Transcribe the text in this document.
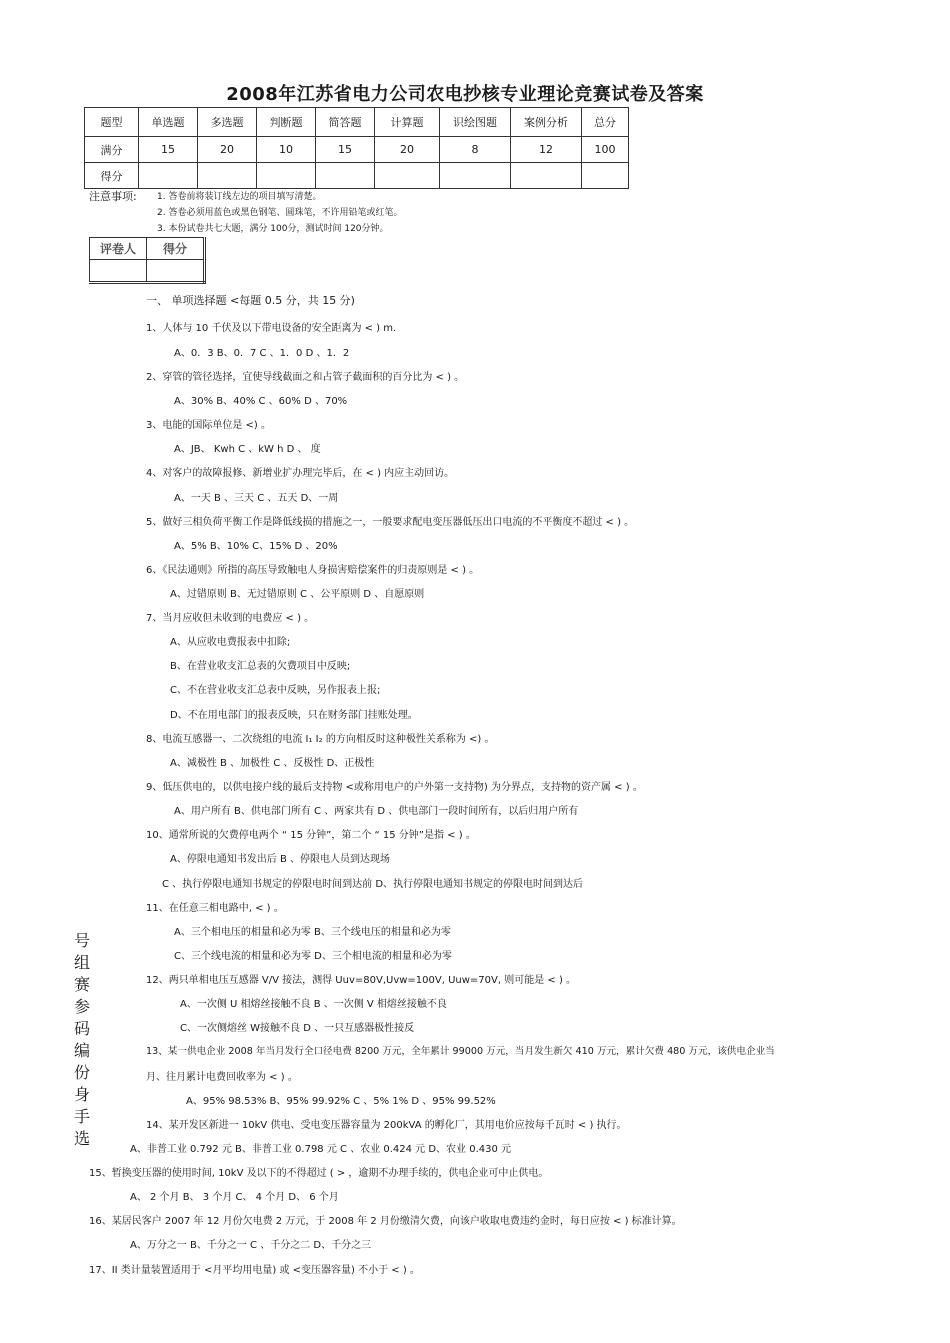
2008年江苏省电力公司农电抄核专业理论竞赛试卷及答案
题型	单选题	多选题	判断题	简答题	计算题	识绘图题	案例分析	总分
满分	15	20	10	15	20	8	12	100
得分								
注意事项: 1. 答卷前将装订线左边的项目填写清楚。
2. 答卷必须用蓝色或黑色钢笔、圆珠笔，不许用铅笔或红笔。
3. 本份试卷共七大题，满分 100分，测试时间 120分钟。
评卷人	得分

一、 单项选择题 <每题 0.5 分，共 15 分)
号组赛参码编份身手选
1、人体与 10 千伏及以下带电设备的安全距离为 < ) m.
A、0．3 B、0．7 C 、1．0 D 、1．2
2、穿管的管径选择，宜使导线截面之和占管子截面积的百分比为 < ) 。
A、30% B、40% C 、60% D 、70%
3、电能的国际单位是 <) 。
A、JB、 Kwh C 、kW h D 、 度
4、对客户的故障报修、新增业扩办理完毕后，在 < ) 内应主动回访。
A、一天 B 、三天 C 、五天 D、一周
5、做好三相负荷平衡工作是降低线损的措施之一，一般要求配电变压器低压出口电流的不平衡度不超过 < ) 。
A、5% B、10% C、15% D 、20%
6、《民法通则》所指的高压导致触电人身损害赔偿案件的归责原则是 < ) 。
A、过错原则 B、无过错原则 C 、公平原则 D 、自愿原则
7、当月应收但未收到的电费应 < ) 。
A、从应收电费报表中扣除;
B、在营业收支汇总表的欠费项目中反映;
C、不在营业收支汇总表中反映，另作报表上报;
D、不在用电部门的报表反映，只在财务部门挂账处理。
8、电流互感器一、二次绕组的电流 I₁ I₂ 的方向相反时这种极性关系称为 <) 。
A、减极性 B 、加极性 C 、反极性 D、正极性
9、低压供电的，以供电接户线的最后支持物 <或称用电户的户外第一支持物) 为分界点，支持物的资产属 < ) 。
A、用户所有 B、供电部门所有 C 、两家共有 D 、供电部门一段时间所有，以后归用户所有
10、通常所说的欠费停电两个 “ 15 分钟”，第二个 “ 15 分钟”是指 < ) 。
A、停限电通知书发出后 B 、停限电人员到达现场
C 、执行停限电通知书规定的停限电时间到达前 D、执行停限电通知书规定的停限电时间到达后
11、在任意三相电路中, < ) 。
A、三个相电压的相量和必为零 B、三个线电压的相量和必为零
C、三个线电流的相量和必为零 D、三个相电流的相量和必为零
12、两只单相电压互感器 V/V 接法，测得 Uuv=80V,Uvw=100V, Uuw=70V, 则可能是 < ) 。
A、一次侧 U 相熔丝接触不良 B 、一次侧 V 相熔丝接触不良
C、一次侧熔丝 W接触不良 D 、一只互感器极性接反
13、某一供电企业 2008 年当月发行全口径电费 8200 万元，全年累计 99000 万元，当月发生新欠 410 万元，累计欠费 480 万元，该供电企业当
月、往月累计电费回收率为 < ) 。
A、95% 98.53% B、95% 99.92% C 、5% 1% D 、95% 99.52%
14、某开发区新进一 10kV 供电、受电变压器容量为 200kVA 的孵化厂，其用电价应按每千瓦时 < ) 执行。
A、非普工业 0.792 元 B、非普工业 0.798 元 C 、农业 0.424 元 D、农业 0.430 元
15、暂换变压器的使用时间, 10kV 及以下的不得超过 ( > ，逾期不办理手续的，供电企业可中止供电。
A、 2 个月 B、 3 个月 C、 4 个月 D、 6 个月
16、某居民客户 2007 年 12 月份欠电费 2 万元，于 2008 年 2 月份缴清欠费，向该户收取电费违约金时，每日应按 < ) 标准计算。
A、万分之一 B、千分之一 C 、千分之二 D、千分之三
17、II 类计量装置适用于 <月平均用电量) 或 <变压器容量) 不小于 < ) 。
